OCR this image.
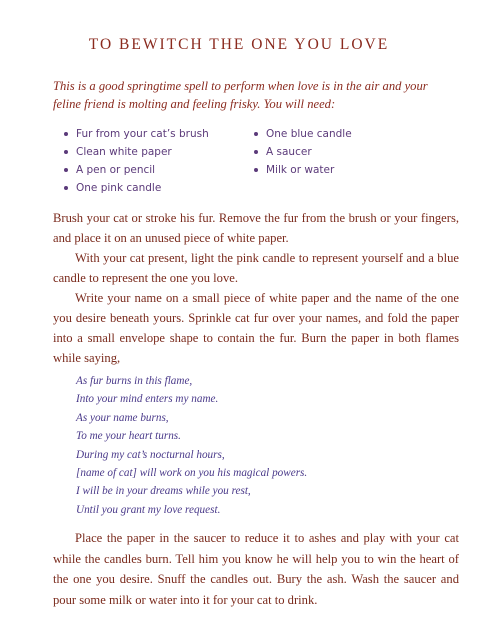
TO BEWITCH THE ONE YOU LOVE

This is a good springtime spell to perform when love is in the air and your feline friend is molting and feeling frisky. You will need:

Fur from your cat’s brush
Clean white paper
A pen or pencil
One pink candle
One blue candle
A saucer
Milk or water

Brush your cat or stroke his fur. Remove the fur from the brush or your fingers, and place it on an unused piece of white paper.

With your cat present, light the pink candle to represent yourself and a blue candle to represent the one you love.

Write your name on a small piece of white paper and the name of the one you desire beneath yours. Sprinkle cat fur over your names, and fold the paper into a small envelope shape to contain the fur. Burn the paper in both flames while saying,

As fur burns in this flame,
Into your mind enters my name.
As your name burns,
To me your heart turns.
During my cat’s nocturnal hours,
[name of cat] will work on you his magical powers.
I will be in your dreams while you rest,
Until you grant my love request.

Place the paper in the saucer to reduce it to ashes and play with your cat while the candles burn. Tell him you know he will help you to win the heart of the one you desire. Snuff the candles out. Bury the ash. Wash the saucer and pour some milk or water into it for your cat to drink.
